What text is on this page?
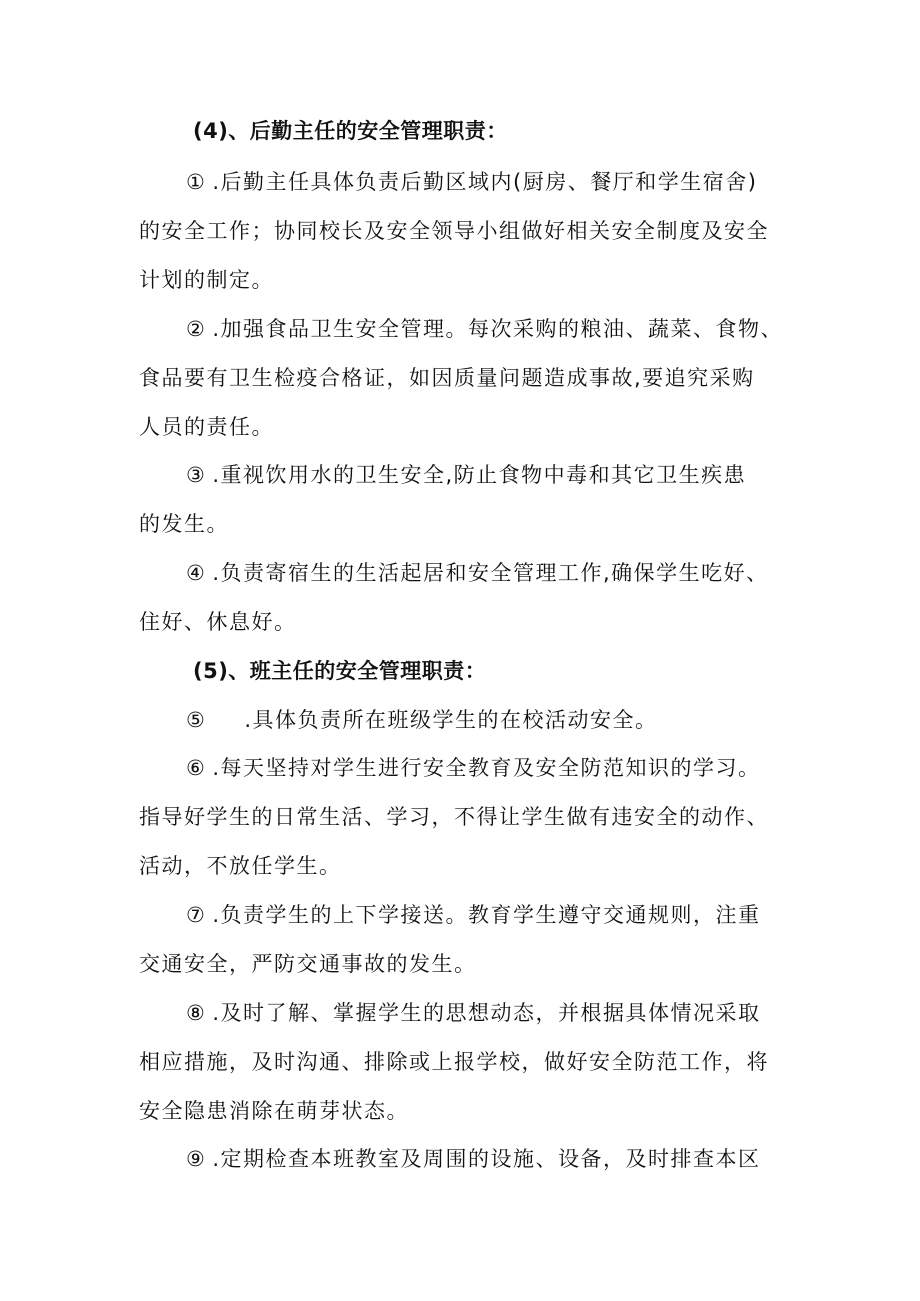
(4)、后勤主任的安全管理职责：
① .后勤主任具体负责后勤区域内(厨房、餐厅和学生宿舍)
的安全工作；协同校长及安全领导小组做好相关安全制度及安全
计划的制定。
② .加强食品卫生安全管理。每次采购的粮油、蔬菜、食物、
食品要有卫生检疫合格证，如因质量问题造成事故,要追究采购
人员的责任。
③ .重视饮用水的卫生安全,防止食物中毒和其它卫生疾患
的发生。
④ .负责寄宿生的生活起居和安全管理工作,确保学生吃好、
住好、休息好。
(5)、班主任的安全管理职责：
⑤ .具体负责所在班级学生的在校活动安全。
⑥ .每天坚持对学生进行安全教育及安全防范知识的学习。
指导好学生的日常生活、学习，不得让学生做有违安全的动作、
活动，不放任学生。
⑦ .负责学生的上下学接送。教育学生遵守交通规则，注重
交通安全，严防交通事故的发生。
⑧ .及时了解、掌握学生的思想动态，并根据具体情况采取
相应措施，及时沟通、排除或上报学校，做好安全防范工作，将
安全隐患消除在萌芽状态。
⑨ .定期检查本班教室及周围的设施、设备，及时排查本区
